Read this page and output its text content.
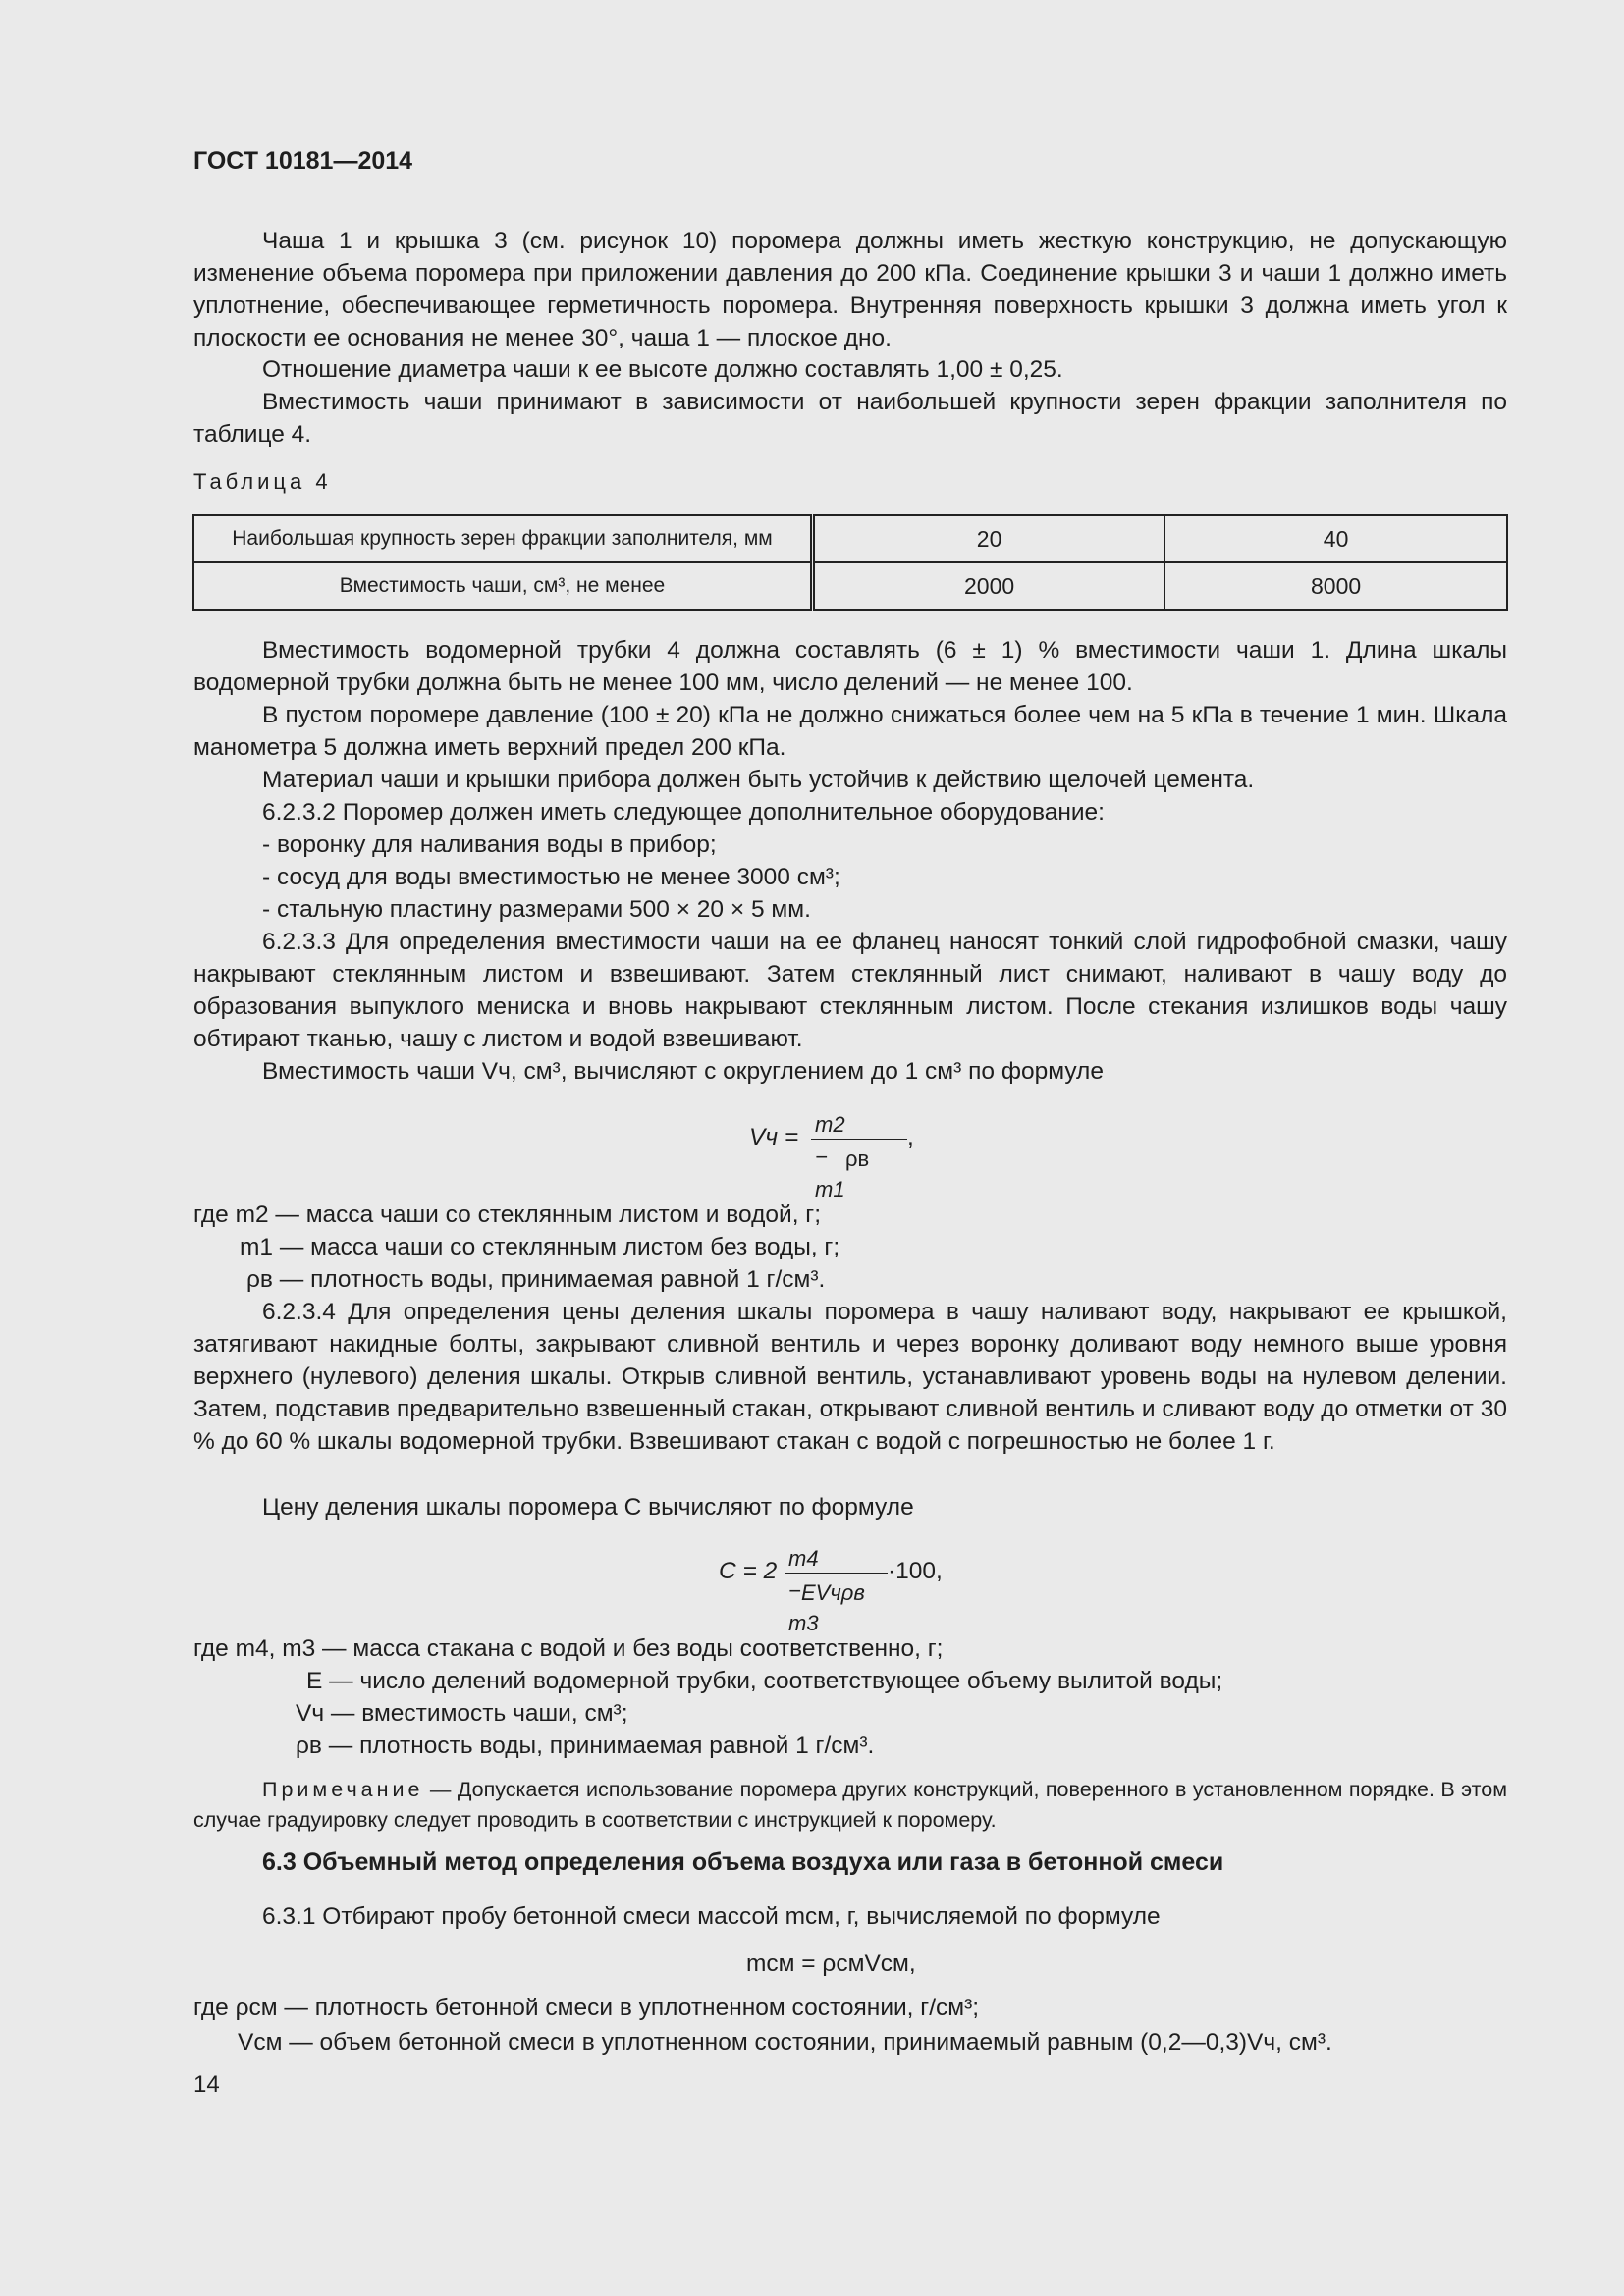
ГОСТ 10181—2014
Чаша 1 и крышка 3 (см. рисунок 10) поромера должны иметь жесткую конструкцию, не допускающую изменение объема поромера при приложении давления до 200 кПа. Соединение крышки 3 и чаши 1 должно иметь уплотнение, обеспечивающее герметичность поромера. Внутренняя поверхность крышки 3 должна иметь угол к плоскости ее основания не менее 30°, чаша 1 — плоское дно.
Отношение диаметра чаши к ее высоте должно составлять 1,00 ± 0,25.
Вместимость чаши принимают в зависимости от наибольшей крупности зерен фракции заполнителя по таблице 4.
Таблица 4
Наибольшая крупность зерен фракции заполнителя, мм	20	40
Вместимость чаши, см³, не менее	2000	8000
Вместимость водомерной трубки 4 должна составлять (6 ± 1) % вместимости чаши 1. Длина шкалы водомерной трубки должна быть не менее 100 мм, число делений — не менее 100.
В пустом поромере давление (100 ± 20) кПа не должно снижаться более чем на 5 кПа в течение 1 мин. Шкала манометра 5 должна иметь верхний предел 200 кПа.
Материал чаши и крышки прибора должен быть устойчив к действию щелочей цемента.
6.2.3.2 Поромер должен иметь следующее дополнительное оборудование:
- воронку для наливания воды в прибор;
- сосуд для воды вместимостью не менее 3000 см³;
- стальную пластину размерами 500 × 20 × 5 мм.
6.2.3.3 Для определения вместимости чаши на ее фланец наносят тонкий слой гидрофобной смазки, чашу накрывают стеклянным листом и взвешивают. Затем стеклянный лист снимают, наливают в чашу воду до образования выпуклого мениска и вновь накрывают стеклянным листом. После стекания излишков воды чашу обтирают тканью, чашу с листом и водой взвешивают.
Вместимость чаши Vч, см³, вычисляют с округлением до 1 см³ по формуле
Vч = m2 − m1
ρв
,
где m2 — масса чаши со стеклянным листом и водой, г;
m1 — масса чаши со стеклянным листом без воды, г;
ρв — плотность воды, принимаемая равной 1 г/см³.
6.2.3.4 Для определения цены деления шкалы поромера в чашу наливают воду, накрывают ее крышкой, затягивают накидные болты, закрывают сливной вентиль и через воронку доливают воду немного выше уровня верхнего (нулевого) деления шкалы. Открыв сливной вентиль, устанавливают уровень воды на нулевом делении. Затем, подставив предварительно взвешенный стакан, открывают сливной вентиль и сливают воду до отметки от 30 % до 60 % шкалы водомерной трубки. Взвешивают стакан с водой с погрешностью не более 1 г.
Цену деления шкалы поромера C вычисляют по формуле
C = 2 m4 − m3
EVчρв
·100,
где m4, m3 — масса стакана с водой и без воды соответственно, г;
E — число делений водомерной трубки, соответствующее объему вылитой воды;
Vч — вместимость чаши, см³;
ρв — плотность воды, принимаемая равной 1 г/см³.
Примечание — Допускается использование поромера других конструкций, поверенного в установленном порядке. В этом случае градуировку следует проводить в соответствии с инструкцией к поромеру.
6.3 Объемный метод определения объема воздуха или газа в бетонной смеси
6.3.1 Отбирают пробу бетонной смеси массой mсм, г, вычисляемой по формуле
mсм = ρсмVсм,
где ρсм — плотность бетонной смеси в уплотненном состоянии, г/см³;
Vсм — объем бетонной смеси в уплотненном состоянии, принимаемый равным (0,2—0,3)Vч, см³.
14
